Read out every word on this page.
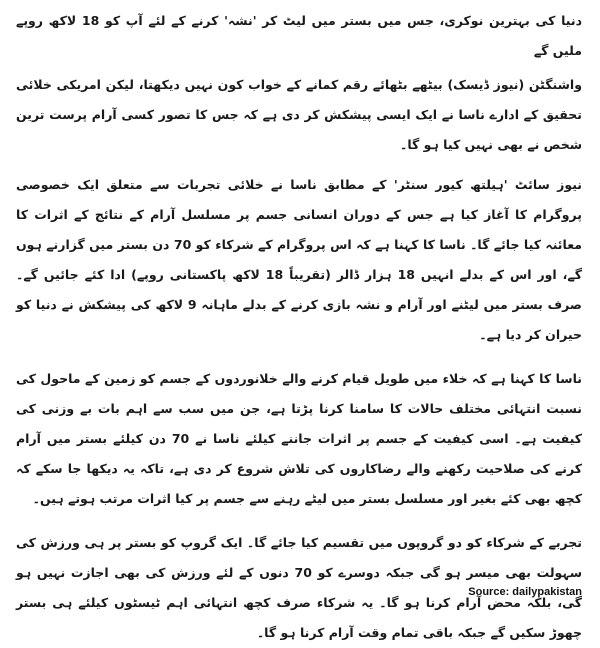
دنیا کی بہترین نوکری، جس میں بستر میں لیٹ کر 'نشہ' کرنے کے لئے آپ کو 18 لاکھ روپے ملیں گے

واشنگٹن (نیوز ڈیسک) بیٹھے بٹھائے رقم کمانے کے خواب کون نہیں دیکھتا، لیکن امریکی خلائی تحقیق کے ادارے ناسا نے ایک ایسی پیشکش کر دی ہے کہ جس کا تصور کسی آرام پرست ترین شخص نے بھی نہیں کیا ہو گا۔

نیوز سائٹ 'ہیلتھ کیور سنٹر' کے مطابق ناسا نے خلائی تجربات سے متعلق ایک خصوصی پروگرام کا آغاز کیا ہے جس کے دوران انسانی جسم پر مسلسل آرام کے نتائج کے اثرات کا معائنہ کیا جائے گا۔ ناسا کا کہنا ہے کہ اس پروگرام کے شرکاء کو 70 دن بستر میں گزارنے ہوں گے، اور اس کے بدلے انہیں 18 ہزار ڈالر (تقریباً 18 لاکھ پاکستانی روپے) ادا کئے جائیں گے۔ صرف بستر میں لیٹنے اور آرام و نشہ بازی کرنے کے بدلے ماہانہ 9 لاکھ کی پیشکش نے دنیا کو حیران کر دیا ہے۔

ناسا کا کہنا ہے کہ خلاء میں طویل قیام کرنے والے خلانوردوں کے جسم کو زمین کے ماحول کی نسبت انتہائی مختلف حالات کا سامنا کرنا پڑتا ہے، جن میں سب سے اہم بات بے وزنی کی کیفیت ہے۔ اسی کیفیت کے جسم پر اثرات جاننے کیلئے ناسا نے 70 دن کیلئے بستر میں آرام کرنے کی صلاحیت رکھنے والے رضاکاروں کی تلاش شروع کر دی ہے، تاکہ یہ دیکھا جا سکے کہ کچھ بھی کئے بغیر اور مسلسل بستر میں لیٹے رہنے سے جسم پر کیا اثرات مرتب ہوتے ہیں۔

تجربے کے شرکاء کو دو گروپوں میں تقسیم کیا جائے گا۔ ایک گروپ کو بستر پر ہی ورزش کی سہولت بھی میسر ہو گی جبکہ دوسرے کو 70 دنوں کے لئے ورزش کی بھی اجازت نہیں ہو گی، بلکہ محض آرام کرنا ہو گا۔ یہ شرکاء صرف کچھ انتہائی اہم ٹیسٹوں کیلئے ہی بستر چھوڑ سکیں گے جبکہ باقی تمام وقت آرام کرنا ہو گا۔

Source: dailypakistan
